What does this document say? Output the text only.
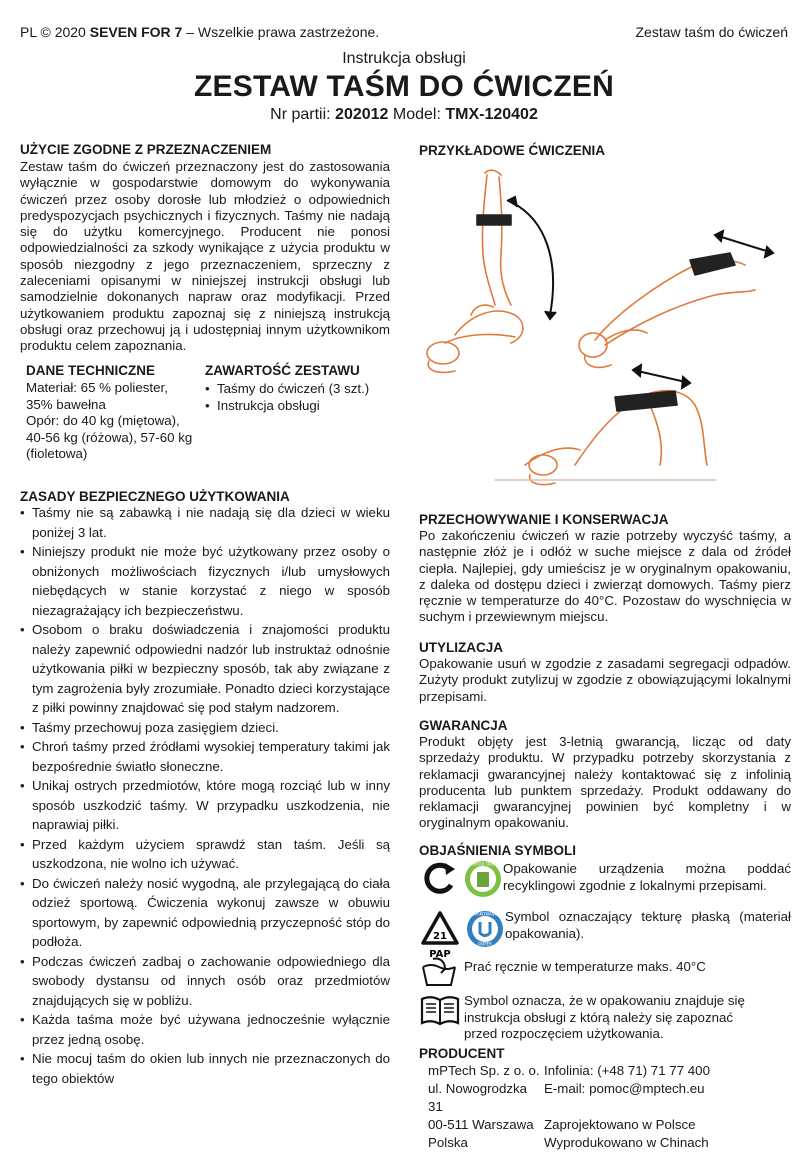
PL © 2020 SEVEN FOR 7 – Wszelkie prawa zastrzeżone.	Zestaw taśm do ćwiczeń
Instrukcja obsługi
ZESTAW TAŚM DO ĆWICZEŃ
Nr partii: 202012 Model: TMX-120402
UŻYCIE ZGODNE Z PRZEZNACZENIEM
Zestaw taśm do ćwiczeń przeznaczony jest do zastosowania wyłącznie w gospodarstwie domowym do wykonywania ćwiczeń przez osoby dorosłe lub młodzież o odpowiednich predyspozycjach psychicznych i fizycznych. Taśmy nie nadają się do użytku komercyjnego. Producent nie ponosi odpowiedzialności za szkody wynikające z użycia produktu w sposób niezgodny z jego przeznaczeniem, sprzeczny z zaleceniami opisanymi w niniejszej instrukcji obsługi lub samodzielnie dokonanych napraw oraz modyfikacji. Przed użytkowaniem produktu zapoznaj się z niniejszą instrukcją obsługi oraz przechowuj ją i udostępniaj innym użytkownikom produktu celem zapoznania.
DANE TECHNICZNE
Materiał: 65 % poliester, 35% bawełna
Opór: do 40 kg (miętowa), 40-56 kg (różowa), 57-60 kg (fioletowa)
ZAWARTOŚĆ ZESTAWU
• Taśmy do ćwiczeń (3 szt.)
• Instrukcja obsługi
ZASADY BEZPIECZNEGO UŻYTKOWANIA
• Taśmy nie są zabawką i nie nadają się dla dzieci w wieku poniżej 3 lat.
• Niniejszy produkt nie może być użytkowany przez osoby o obniżonych możliwościach fizycznych i/lub umysłowych niebędących w stanie korzystać z niego w sposób niezagrażający ich bezpieczeństwu.
• Osobom o braku doświadczenia i znajomości produktu należy zapewnić odpowiedni nadzór lub instruktaż odnośnie użytkowania piłki w bezpieczny sposób, tak aby związane z tym zagrożenia były zrozumiałe. Ponadto dzieci korzystające z piłki powinny znajdować się pod stałym nadzorem.
• Taśmy przechowuj poza zasięgiem dzieci.
• Chroń taśmy przed źródłami wysokiej temperatury takimi jak bezpośrednie światło słoneczne.
• Unikaj ostrych przedmiotów, które mogą rozciąć lub w inny sposób uszkodzić taśmy. W przypadku uszkodzenia, nie naprawiaj piłki.
• Przed każdym użyciem sprawdź stan taśm. Jeśli są uszkodzona, nie wolno ich używać.
• Do ćwiczeń należy nosić wygodną, ale przylegającą do ciała odzież sportową. Ćwiczenia wykonuj zawsze w obuwiu sportowym, by zapewnić odpowiednią przyczepność stóp do podłoża.
• Podczas ćwiczeń zadbaj o zachowanie odpowiedniego dla swobody dystansu od innych osób oraz przedmiotów znajdujących się w pobliżu.
• Każda taśma może być używana jednocześnie wyłącznie przez jedną osobę.
• Nie mocuj taśm do okien lub innych nie przeznaczonych do tego obiektów
PRZYKŁADOWE ĆWICZENIA
PRZECHOWYWANIE I KONSERWACJA
Po zakończeniu ćwiczeń w razie potrzeby wyczyść taśmy, a następnie złóż je i odłóż w suche miejsce z dala od źródeł ciepła. Najlepiej, gdy umieścisz je w oryginalnym opakowaniu, z daleka od dostępu dzieci i zwierząt domowych. Taśmy pierz ręcznie w temperaturze do 40°C. Pozostaw do wyschnięcia w suchym i przewiewnym miejscu.
UTYLIZACJA
Opakowanie usuń w zgodzie z zasadami segregacji odpadów. Zużyty produkt zutylizuj w zgodzie z obowiązującymi lokalnymi przepisami.
GWARANCJA
Produkt objęty jest 3-letnią gwarancją, licząc od daty sprzedaży produktu. W przypadku potrzeby skorzystania z reklamacji gwarancyjnej należy kontaktować się z infolinią producenta lub punktem sprzedaży. Produkt oddawany do reklamacji gwarancyjnej powinien być kompletny i w oryginalnym opakowaniu.
OBJAŚNIENIA SYMBOLI
SEGREGUJ ODPADY Opakowanie urządzenia można poddać recyklingowi zgodnie z lokalnymi przepisami.
21
PAP
OPAKOWANIE
PAPIER
Symbol oznaczający tekturę płaską (materiał opakowania).
Prać ręcznie w temperaturze maks. 40°C
Symbol oznacza, że w opakowaniu znajduje się instrukcja obsługi z którą należy się zapoznać przed rozpoczęciem użytkowania.
PRODUCENT
mPTech Sp. z o. o. Infolinia: (+48 71) 71 77 400
ul. Nowogrodzka 31
E-mail: pomoc@mptech.eu
00-511 Warszawa Zaprojektowano w Polsce
Polska	Wyprodukowano w Chinach
